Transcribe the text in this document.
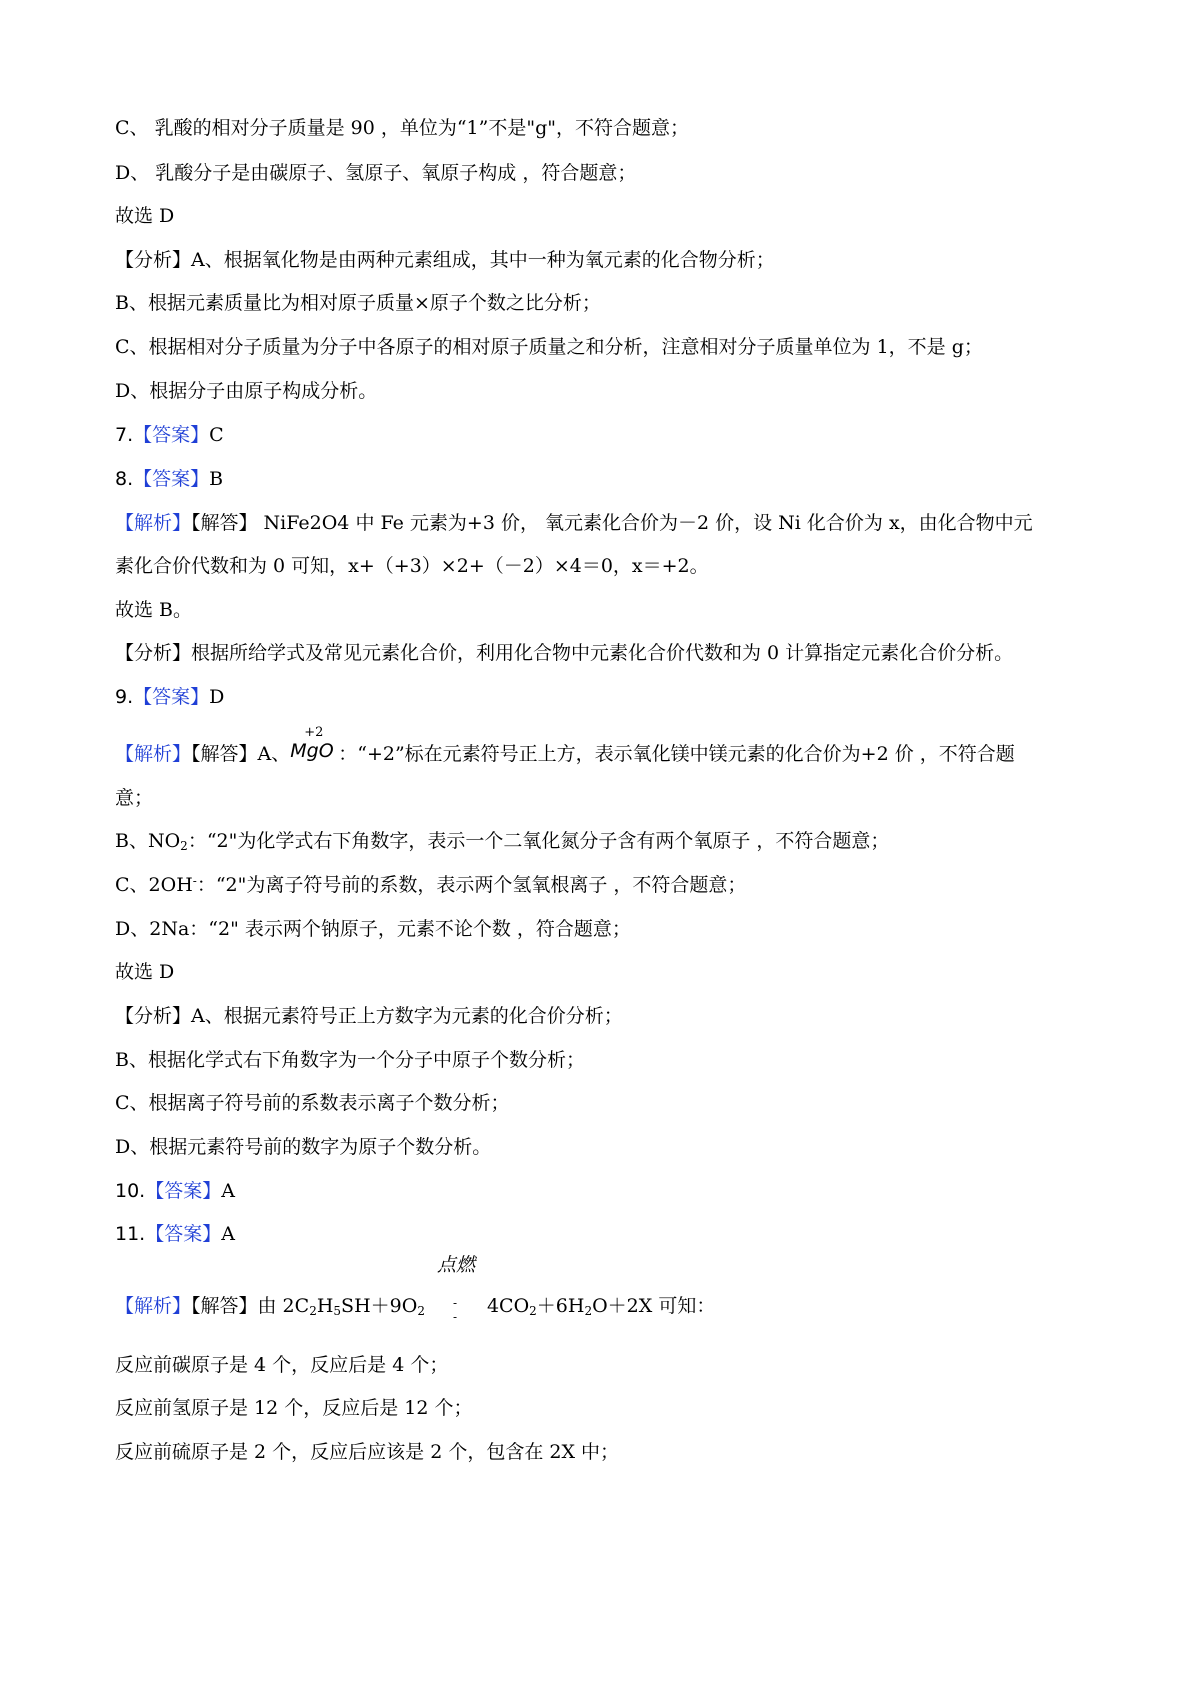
C、 乳酸的相对分子质量是 90 ，单位为“1”不是"g"，不符合题意；
D、 乳酸分子是由碳原子、氢原子、氧原子构成 ，符合题意；
故选 D
【分析】A、根据氧化物是由两种元素组成，其中一种为氧元素的化合物分析；
B、根据元素质量比为相对原子质量×原子个数之比分析；
C、根据相对分子质量为分子中各原子的相对原子质量之和分析，注意相对分子质量单位为 1，不是 g；
D、根据分子由原子构成分析。
7.【答案】C
8.【答案】B
【解析】【解答】 NiFe2O4 中 Fe 元素为+3 价， 氧元素化合价为－2 价，设 Ni 化合价为 x，由化合物中元
素化合价代数和为 0 可知，x+（+3）×2+（－2）×4＝0，x＝+2。
故选 B。
【分析】根据所给学式及常见元素化合价，利用化合物中元素化合价代数和为 0 计算指定元素化合价分析。
9.【答案】D
【解析】【解答】A、
+2
MgO ：“+2”标在元素符号正上方，表示氧化镁中镁元素的化合价为+2 价 ，不符合题
意；
B、$NO_2$：“2"为化学式右下角数字，表示一个二氧化氮分子含有两个氧原子 ，不符合题意；
C、2OH-：“2"为离子符号前的系数，表示两个氢氧根离子 ，不符合题意；
D、2Na：“2" 表示两个钠原子，元素不论个数 ，符合题意；
故选 D
【分析】A、根据元素符号正上方数字为元素的化合价分析；
B、根据化学式右下角数字为一个分子中原子个数分析；
C、根据离子符号前的系数表示离子个数分析；
D、根据元素符号前的数字为原子个数分析。
10.【答案】A
11.【答案】A
【解析】【解答】由 $2C_2H_5SH+9O_2$
点燃
-
- $4CO_2+6H_2O+2X$ 可知：
反应前碳原子是 4 个，反应后是 4 个；
反应前氢原子是 12 个，反应后是 12 个；
反应前硫原子是 2 个，反应后应该是 2 个，包含在 2X 中；
